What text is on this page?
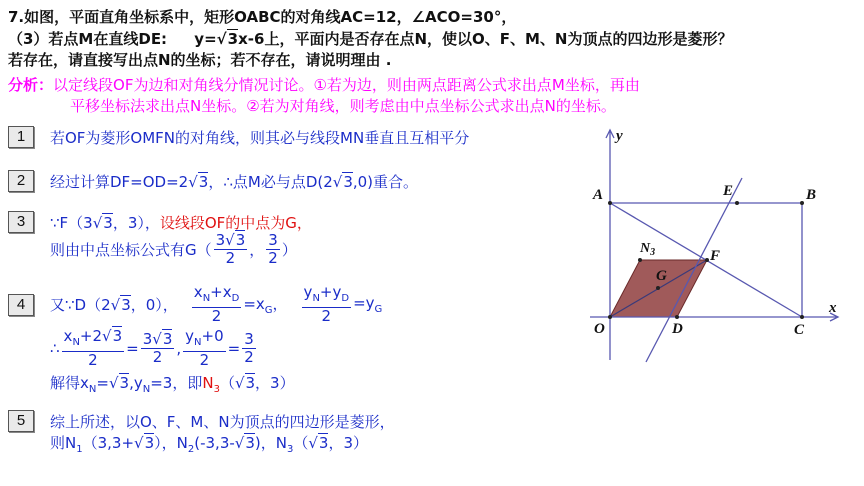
7.如图，平面直角坐标系中，矩形OABC的对角线AC=12，∠ACO=30°，
（3）若点M在直线DE: y=√3x-6上，平面内是否存在点N，使以O、F、M、N为顶点的四边形是菱形？
若存在，请直接写出点N的坐标；若不存在，请说明理由 .
分析：以定线段OF为边和对角线分情况讨论。①若为边，则由两点距离公式求出点M坐标，再由
平移坐标法求出点N坐标。②若为对角线，则考虑由中点坐标公式求出点N的坐标。
1	若OF为菱形OMFN的对角线，则其必与线段MN垂直且互相平分
2	经过计算DF=OD=2√3，∴点M必与点D(2√3,0)重合。
3	∵F（3√3，3），设线段OF的中点为G，
则由中点坐标公式有$G( \frac{3√3}{2}$ ， $\frac{3}{2}$ ）
4	又∵D（2√3，0）， $\frac{x_N+x_D}{2} =x_G$， $\frac{y_N+y_D}{2} =y_G$
∴ $\frac{x_N+2√3}{2} = \frac{3√3}{2}$ , $\frac{y_N+0}{2} = \frac{3}{2}$
解得$x_N=√3,y_N=3$，即$N_3(√3$，3）
5	综上所述，以O、F、M、N为顶点的四边形是菱形，
则$N_1(3,3+√3)$，$N_2(-3,3-√3)$，$N_3(√3$，3）
y
x
O
A	B
C
D
E
F
G
$N_3$
